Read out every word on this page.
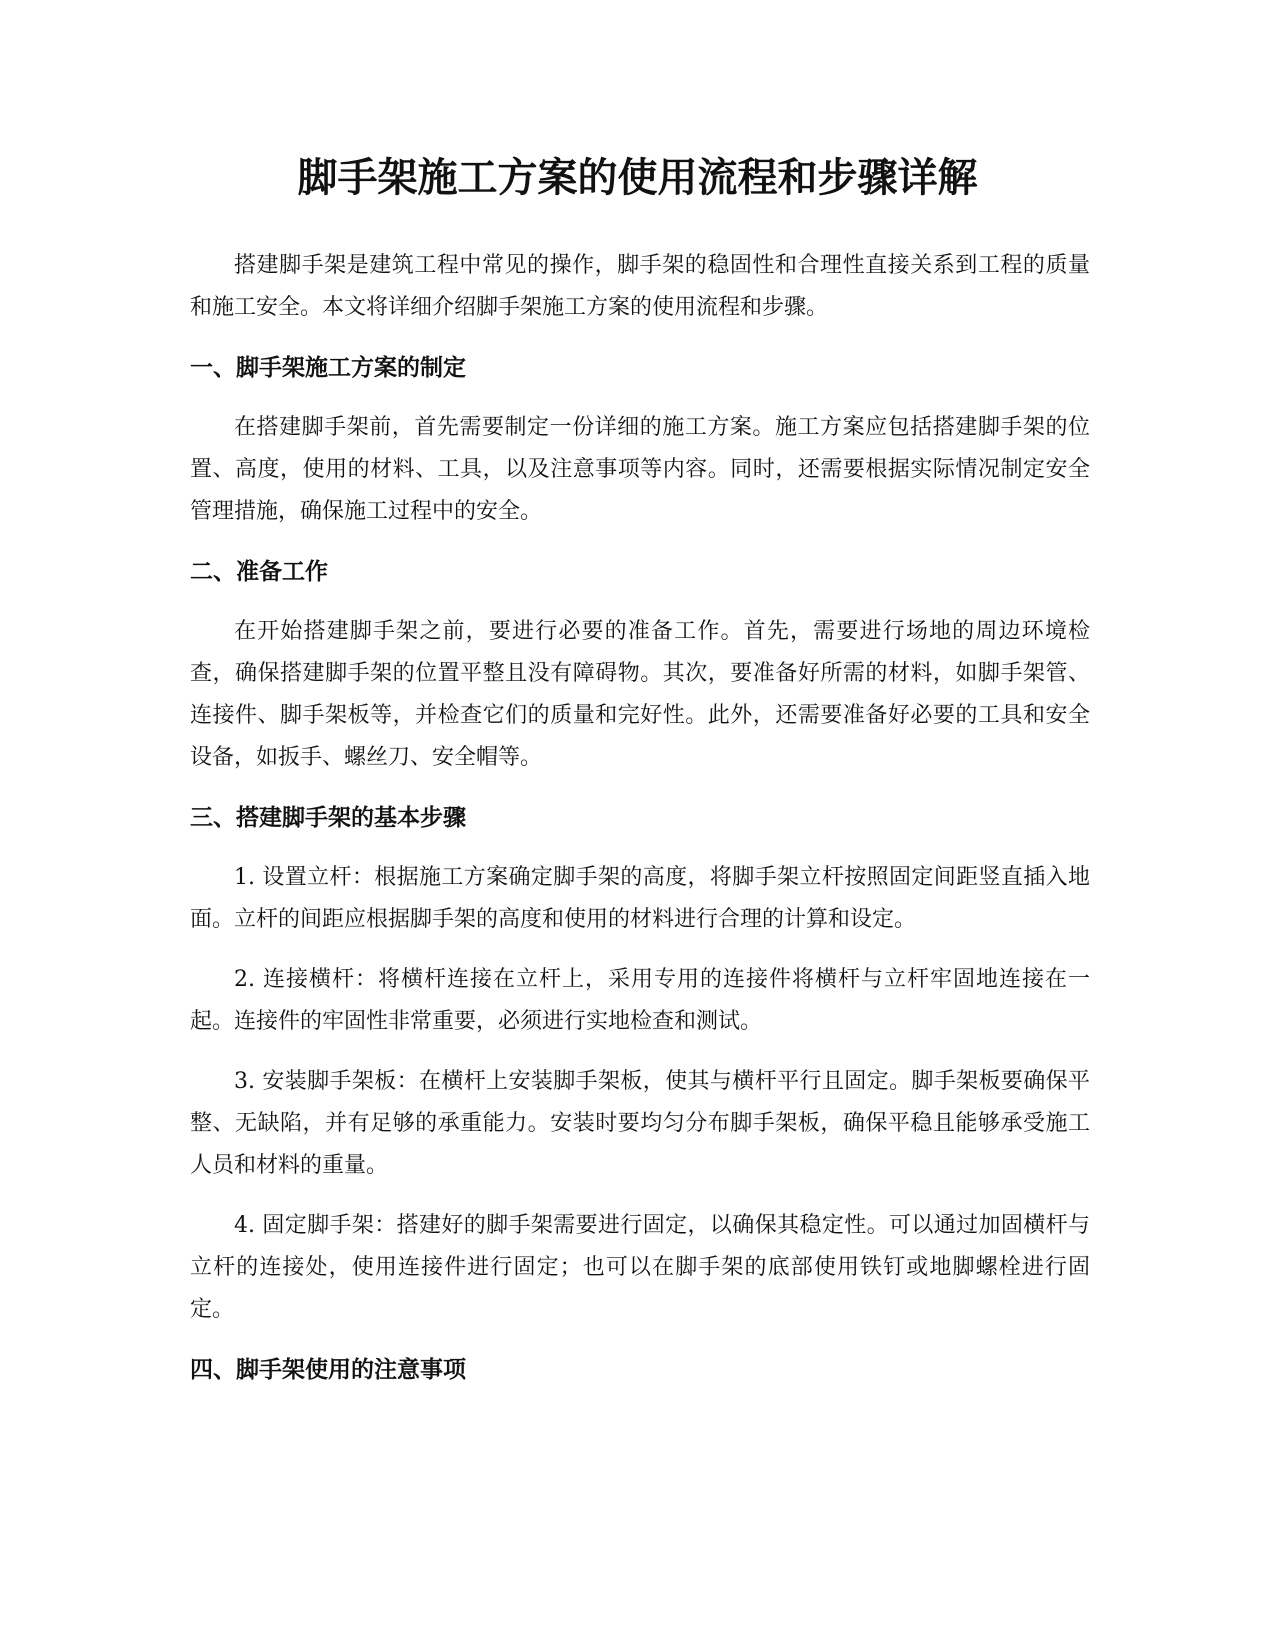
脚手架施工方案的使用流程和步骤详解

搭建脚手架是建筑工程中常见的操作，脚手架的稳固性和合理性直接关系到工程的质量和施工安全。本文将详细介绍脚手架施工方案的使用流程和步骤。

一、脚手架施工方案的制定

在搭建脚手架前，首先需要制定一份详细的施工方案。施工方案应包括搭建脚手架的位置、高度，使用的材料、工具，以及注意事项等内容。同时，还需要根据实际情况制定安全管理措施，确保施工过程中的安全。

二、准备工作

在开始搭建脚手架之前，要进行必要的准备工作。首先，需要进行场地的周边环境检查，确保搭建脚手架的位置平整且没有障碍物。其次，要准备好所需的材料，如脚手架管、连接件、脚手架板等，并检查它们的质量和完好性。此外，还需要准备好必要的工具和安全设备，如扳手、螺丝刀、安全帽等。

三、搭建脚手架的基本步骤

1. 设置立杆：根据施工方案确定脚手架的高度，将脚手架立杆按照固定间距竖直插入地面。立杆的间距应根据脚手架的高度和使用的材料进行合理的计算和设定。

2. 连接横杆：将横杆连接在立杆上，采用专用的连接件将横杆与立杆牢固地连接在一起。连接件的牢固性非常重要，必须进行实地检查和测试。

3. 安装脚手架板：在横杆上安装脚手架板，使其与横杆平行且固定。脚手架板要确保平整、无缺陷，并有足够的承重能力。安装时要均匀分布脚手架板，确保平稳且能够承受施工人员和材料的重量。

4. 固定脚手架：搭建好的脚手架需要进行固定，以确保其稳定性。可以通过加固横杆与立杆的连接处，使用连接件进行固定；也可以在脚手架的底部使用铁钉或地脚螺栓进行固定。

四、脚手架使用的注意事项
